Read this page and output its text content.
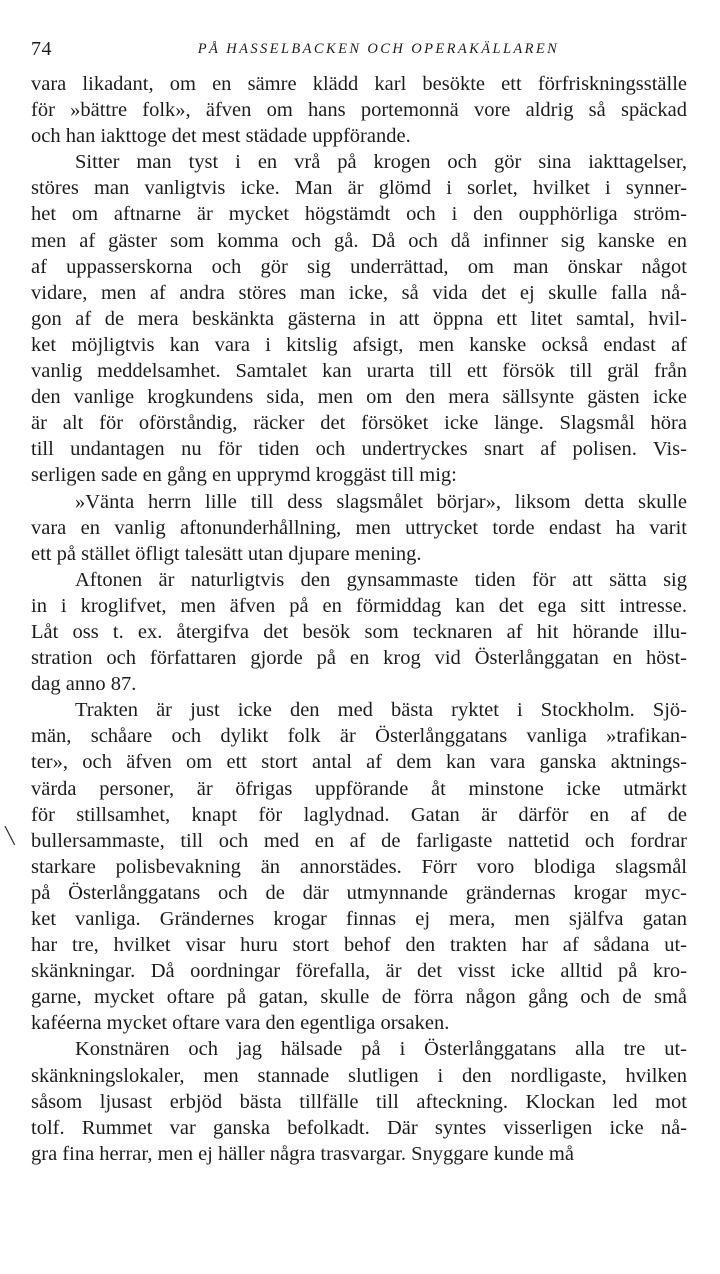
74	PÅ HASSELBACKEN OCH OPERAKÄLLAREN
╲
vara likadant, om en sämre klädd karl besökte ett förfriskningsställe
för »bättre folk», äfven om hans portemonnä vore aldrig så späckad
och han iakttoge det mest städade uppförande.
Sitter man tyst i en vrå på krogen och gör sina iakttagelser,
störes man vanligtvis icke. Man är glömd i sorlet, hvilket i synner-
het om aftnarne är mycket högstämdt och i den oupphörliga ström-
men af gäster som komma och gå. Då och då infinner sig kanske en
af uppasserskorna och gör sig underrättad, om man önskar något
vidare, men af andra störes man icke, så vida det ej skulle falla nå-
gon af de mera beskänkta gästerna in att öppna ett litet samtal, hvil-
ket möjligtvis kan vara i kitslig afsigt, men kanske också endast af
vanlig meddelsamhet. Samtalet kan urarta till ett försök till gräl från
den vanlige krogkundens sida, men om den mera sällsynte gästen icke
är alt för oförståndig, räcker det försöket icke länge. Slagsmål höra
till undantagen nu för tiden och undertryckes snart af polisen. Vis-
serligen sade en gång en upprymd kroggäst till mig:
»Vänta herrn lille till dess slagsmålet börjar», liksom detta skulle
vara en vanlig aftonunderhållning, men uttrycket torde endast ha varit
ett på stället öfligt talesätt utan djupare mening.
Aftonen är naturligtvis den gynsammaste tiden för att sätta sig
in i kroglifvet, men äfven på en förmiddag kan det ega sitt intresse.
Låt oss t. ex. återgifva det besök som tecknaren af hit hörande illu-
stration och författaren gjorde på en krog vid Österlånggatan en höst-
dag anno 87.
Trakten är just icke den med bästa ryktet i Stockholm. Sjö-
män, schåare och dylikt folk är Österlånggatans vanliga »trafikan-
ter», och äfven om ett stort antal af dem kan vara ganska aktnings-
värda personer, är öfrigas uppförande åt minstone icke utmärkt
för stillsamhet, knapt för laglydnad. Gatan är därför en af de
bullersammaste, till och med en af de farligaste nattetid och fordrar
starkare polisbevakning än annorstädes. Förr voro blodiga slagsmål
på Österlånggatans och de där utmynnande grändernas krogar myc-
ket vanliga. Grändernes krogar finnas ej mera, men själfva gatan
har tre, hvilket visar huru stort behof den trakten har af sådana ut-
skänkningar. Då oordningar förefalla, är det visst icke alltid på kro-
garne, mycket oftare på gatan, skulle de förra någon gång och de små
kaféerna mycket oftare vara den egentliga orsaken.
Konstnären och jag hälsade på i Österlånggatans alla tre ut-
skänkningslokaler, men stannade slutligen i den nordligaste, hvilken
såsom ljusast erbjöd bästa tillfälle till afteckning. Klockan led mot
tolf. Rummet var ganska befolkadt. Där syntes visserligen icke nå-
gra fina herrar, men ej häller några trasvargar. Snyggare kunde må
